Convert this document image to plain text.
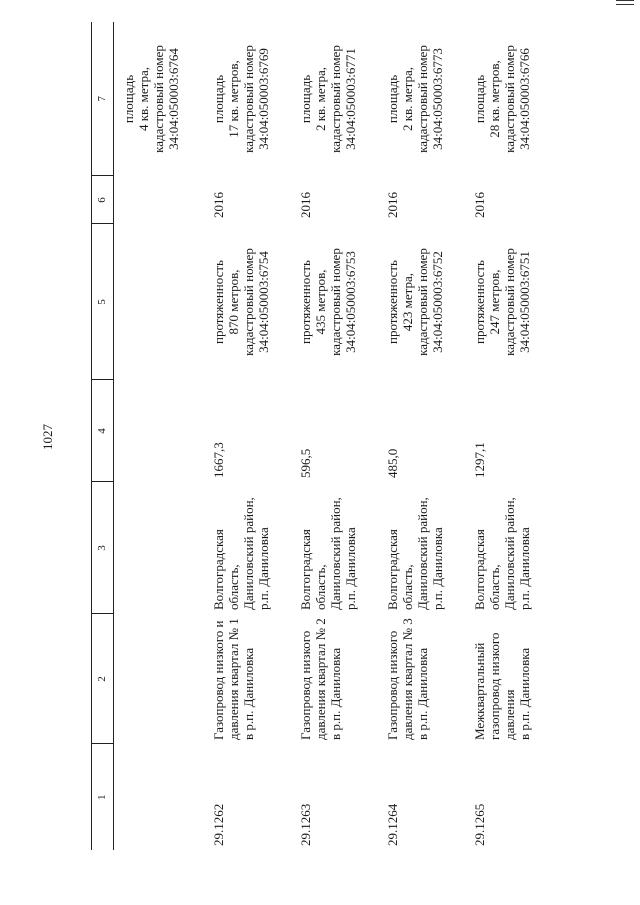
1027
1	2	3	4	5	6	7

						площадь 4 кв. метра, кадастровый номер 34:04:050003:6764

29.1262	Газопровод низкого и давления квартал № 1 в р.п. Даниловка	Волгоградская область, Даниловский район, р.п. Даниловка	1667,3	протяженность 870 метров, кадастровый номер 34:04:050003:6754	2016	площадь 17 кв. метров, кадастровый номер 34:04:050003:6769

29.1263	Газопровод низкого давления квартал № 2 в р.п. Даниловка	Волгоградская область, Даниловский район, р.п. Даниловка	596,5	протяженность 435 метров, кадастровый номер 34:04:050003:6753	2016	площадь 2 кв. метра, кадастровый номер 34:04:050003:6771

29.1264	Газопровод низкого давления квартал № 3 в р.п. Даниловка	Волгоградская область, Даниловский район, р.п. Даниловка	485,0	протяженность 423 метра, кадастровый номер 34:04:050003:6752	2016	площадь 2 кв. метра, кадастровый номер 34:04:050003:6773

29.1265	Межквартальный газопровод низкого давления в р.п. Даниловка	Волгоградская область, Даниловский район, р.п. Даниловка	1297,1	протяженность 247 метров, кадастровый номер 34:04:050003:6751	2016	площадь 28 кв. метров, кадастровый номер 34:04:050003:6766
